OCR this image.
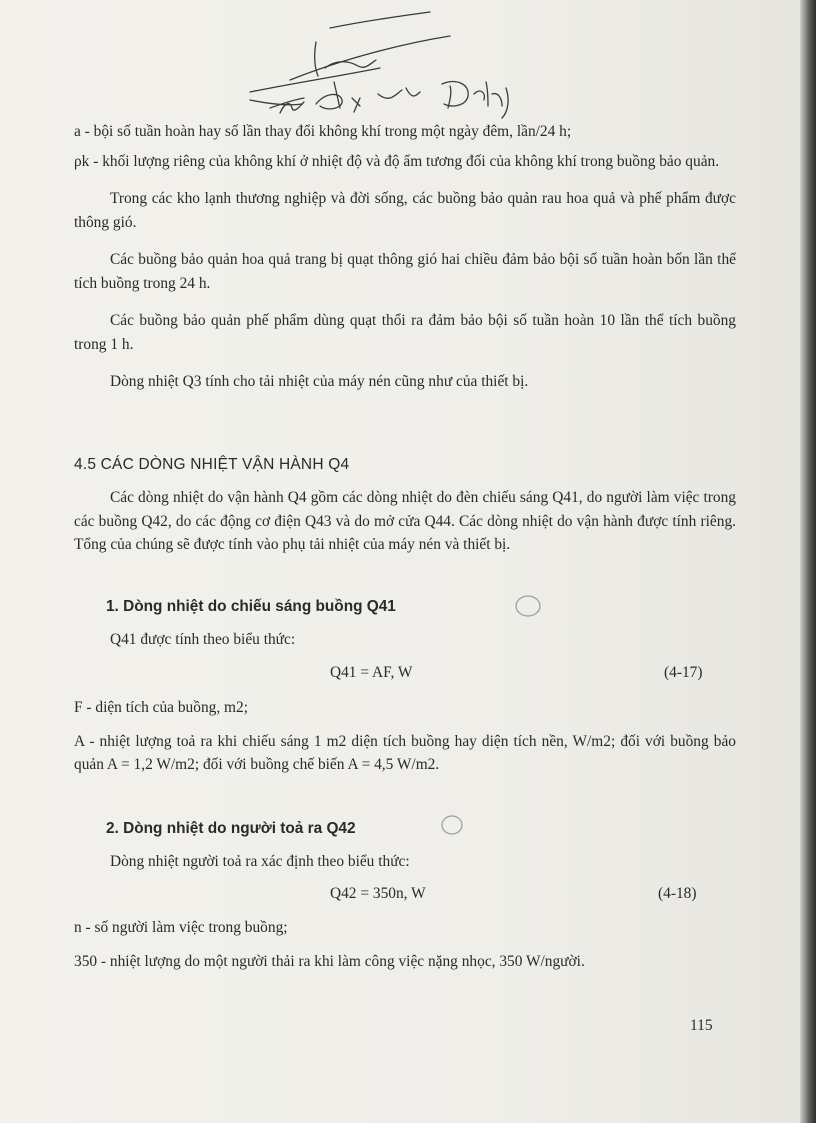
a - bội số tuần hoàn hay số lần thay đổi không khí trong một ngày đêm, lần/24 h;

ρk - khối lượng riêng của không khí ở nhiệt độ và độ ẩm tương đối của không khí trong buồng bảo quản.

Trong các kho lạnh thương nghiệp và đời sống, các buồng bảo quản rau hoa quả và phế phẩm được thông gió.

Các buồng bảo quản hoa quả trang bị quạt thông gió hai chiều đảm bảo bội số tuần hoàn bốn lần thể tích buồng trong 24 h.

Các buồng bảo quản phế phẩm dùng quạt thổi ra đảm bảo bội số tuần hoàn 10 lần thể tích buồng trong 1 h.

Dòng nhiệt Q3 tính cho tải nhiệt của máy nén cũng như của thiết bị.

4.5 CÁC DÒNG NHIỆT VẬN HÀNH Q4

Các dòng nhiệt do vận hành Q4 gồm các dòng nhiệt do đèn chiếu sáng Q41, do người làm việc trong các buồng Q42, do các động cơ điện Q43 và do mở cửa Q44. Các dòng nhiệt do vận hành được tính riêng. Tổng của chúng sẽ được tính vào phụ tải nhiệt của máy nén và thiết bị.

1. Dòng nhiệt do chiếu sáng buồng Q41

Q41 được tính theo biểu thức:

Q41 = AF, W	(4-17)

F - diện tích của buồng, m2;

A - nhiệt lượng toả ra khi chiếu sáng 1 m2 diện tích buồng hay diện tích nền, W/m2; đối với buồng bảo quản A = 1,2 W/m2; đối với buồng chế biến A = 4,5 W/m2.

2. Dòng nhiệt do người toả ra Q42

Dòng nhiệt người toả ra xác định theo biểu thức:

Q42 = 350n, W	(4-18)

n - số người làm việc trong buồng;

350 - nhiệt lượng do một người thải ra khi làm công việc nặng nhọc, 350 W/người.

115
